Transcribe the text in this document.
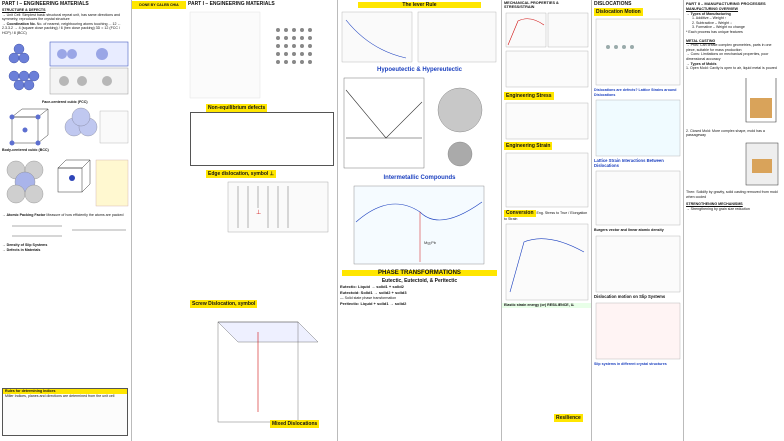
PART I – ENGINEERING MATERIALS
STRUCTURE & DEFECTS
→ Unit Cell: Simplest basic structural repeat unit, has same directions and symmetry, reproduces the crystal structure
→ Coordination No. No. of nearest, neighbouring atoms touching ... 12 ← 2.3.3.2 → 4 (square close packing) / 6 (hex close packing) 3D = 12 (FCC / HCP) / 8 (BCC)
Face-centered cubic (FCC)
Body-centered cubic (BCC)
→ Atomic Packing Factor Measure of how efficiently the atoms are packed
→ Density of Slip Systems
→ Defects in Materials
Rules for determining Indices
Miller Indices, planes and directions are determined from the unit cell
DONE BY CALEB CHIA	PART I – ENGINEERING MATERIALS
Non-equilibrium defects
Edge dislocation, symbol ⊥
⊥
Screw Dislocation, symbol
Mixed Dislocations
The lever Rule
Hypoeutectic & Hypereutectic
Intermetallic Compounds
Mg₂Pb
PHASE TRANSFORMATIONS
Eutectic, Eutectoid, & Peritectic
Eutectic: Liquid → solid1 + solid2
Eutectoid: Solid1 → solid2 + solid3
— Solid state phase transformation
Peritectic: Liquid + solid1 → solid2
MECHANICAL PROPERTIES & STRESS/STRAIN
Engineering Stress
Engineering Strain
Conversion Eng. Stress to True / Elongation to Strain
Elastic strain energy (or) RESILIENCE, Uᵣ
Resilience
DISLOCATIONS
Dislocation Motion
Dislocations are defects? Lattice Strains around Dislocations
Lattice Strain Interactions Between Dislocations
Burgers vector and linear atomic density
Dislocation motion on Slip Systems
Slip systems in different crystal structures
PART II – MANUFACTURING PROCESSES
MANUFACTURING OVERVIEW
→ Types of Manufacturing
1. Additive – Weight ↑
2. Subtractive – Weight ↓
3. Formative – Weight no change
* Each process has unique features
METAL CASTING
→ Pros: Can create complex geometries, parts in one piece, suitable for mass production
→ Cons: Limitations on mechanical properties, poor dimensional accuracy
→ Types of Molds
1. Open Mold: Cavity is open to air, liquid metal is poured
2. Closed Mold: More complex shape, mold has a passageway
Then: Solidify by gravity, solid casting removed from mold when cooled
STRENGTHENING MECHANISMS
→ Strengthening by grain size reduction
